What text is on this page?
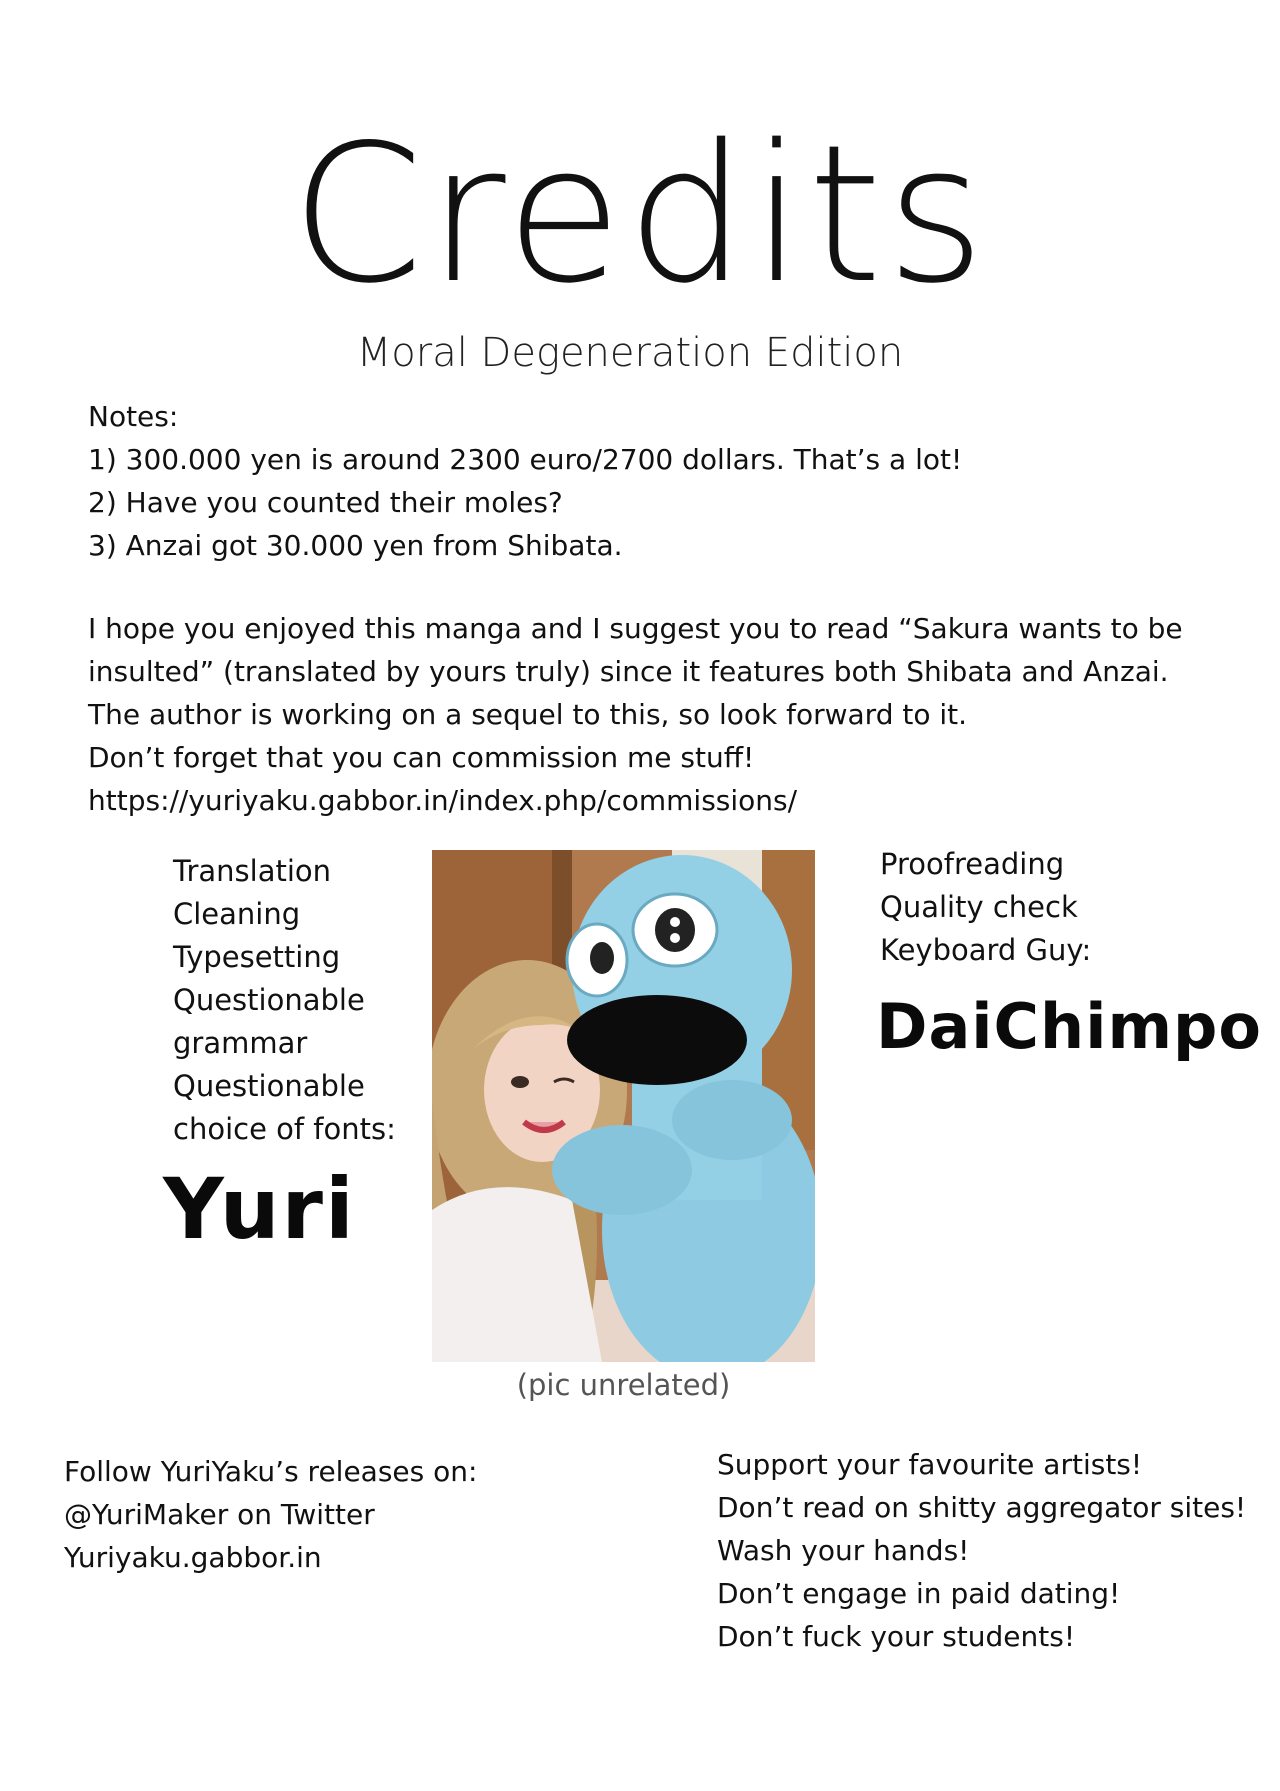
Credits
Moral Degeneration Edition
Notes:
1) 300.000 yen is around 2300 euro/2700 dollars. That’s a lot!
2) Have you counted their moles?
3) Anzai got 30.000 yen from Shibata.
I hope you enjoyed this manga and I suggest you to read “Sakura wants to be
insulted” (translated by yours truly) since it features both Shibata and Anzai.
The author is working on a sequel to this, so look forward to it.
Don’t forget that you can commission me stuff!
https://yuriyaku.gabbor.in/index.php/commissions/
Translation
Cleaning
Typesetting
Questionable
grammar
Questionable
choice of fonts:
Yuri
(pic unrelated)
Proofreading
Quality check
Keyboard Guy:
DaiChimpo
Follow YuriYaku’s releases on:
@YuriMaker on Twitter
Yuriyaku.gabbor.in
Support your favourite artists!
Don’t read on shitty aggregator sites!
Wash your hands!
Don’t engage in paid dating!
Don’t fuck your students!
